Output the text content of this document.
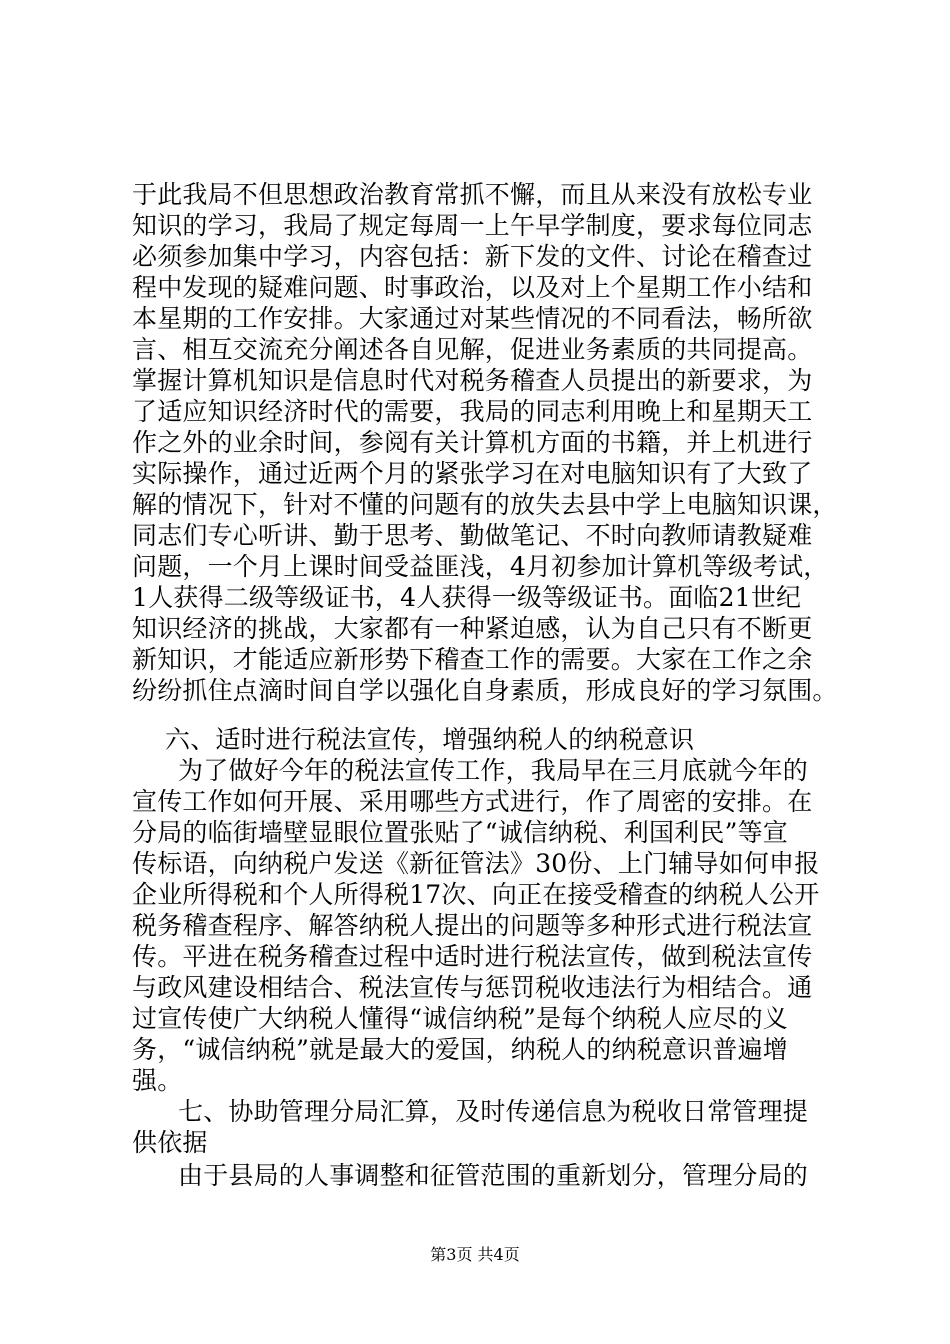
于此我局不但思想政治教育常抓不懈，而且从来没有放松专业
知识的学习，我局了规定每周一上午早学制度，要求每位同志
必须参加集中学习，内容包括：新下发的文件、讨论在稽查过
程中发现的疑难问题、时事政治，以及对上个星期工作小结和
本星期的工作安排。大家通过对某些情况的不同看法，畅所欲
言、相互交流充分阐述各自见解，促进业务素质的共同提高。
掌握计算机知识是信息时代对税务稽查人员提出的新要求，为
了适应知识经济时代的需要，我局的同志利用晚上和星期天工
作之外的业余时间，参阅有关计算机方面的书籍，并上机进行
实际操作，通过近两个月的紧张学习在对电脑知识有了大致了
解的情况下，针对不懂的问题有的放失去县中学上电脑知识课，
同志们专心听讲、勤于思考、勤做笔记、不时向教师请教疑难
问题，一个月上课时间受益匪浅，4月初参加计算机等级考试，
1人获得二级等级证书，4人获得一级等级证书。面临21世纪
知识经济的挑战，大家都有一种紧迫感，认为自己只有不断更
新知识，才能适应新形势下稽查工作的需要。大家在工作之余
纷纷抓住点滴时间自学以强化自身素质，形成良好的学习氛围。
六、适时进行税法宣传，增强纳税人的纳税意识
为了做好今年的税法宣传工作，我局早在三月底就今年的
宣传工作如何开展、采用哪些方式进行，作了周密的安排。在
分局的临街墙壁显眼位置张贴了“诚信纳税、利国利民”等宣
传标语，向纳税户发送《新征管法》30份、上门辅导如何申报
企业所得税和个人所得税17次、向正在接受稽查的纳税人公开
税务稽查程序、解答纳税人提出的问题等多种形式进行税法宣
传。平进在税务稽查过程中适时进行税法宣传，做到税法宣传
与政风建设相结合、税法宣传与惩罚税收违法行为相结合。通
过宣传使广大纳税人懂得“诚信纳税”是每个纳税人应尽的义
务，“诚信纳税”就是最大的爱国，纳税人的纳税意识普遍增
强。
七、协助管理分局汇算，及时传递信息为税收日常管理提
供依据
由于县局的人事调整和征管范围的重新划分，管理分局的
第3页 共4页
